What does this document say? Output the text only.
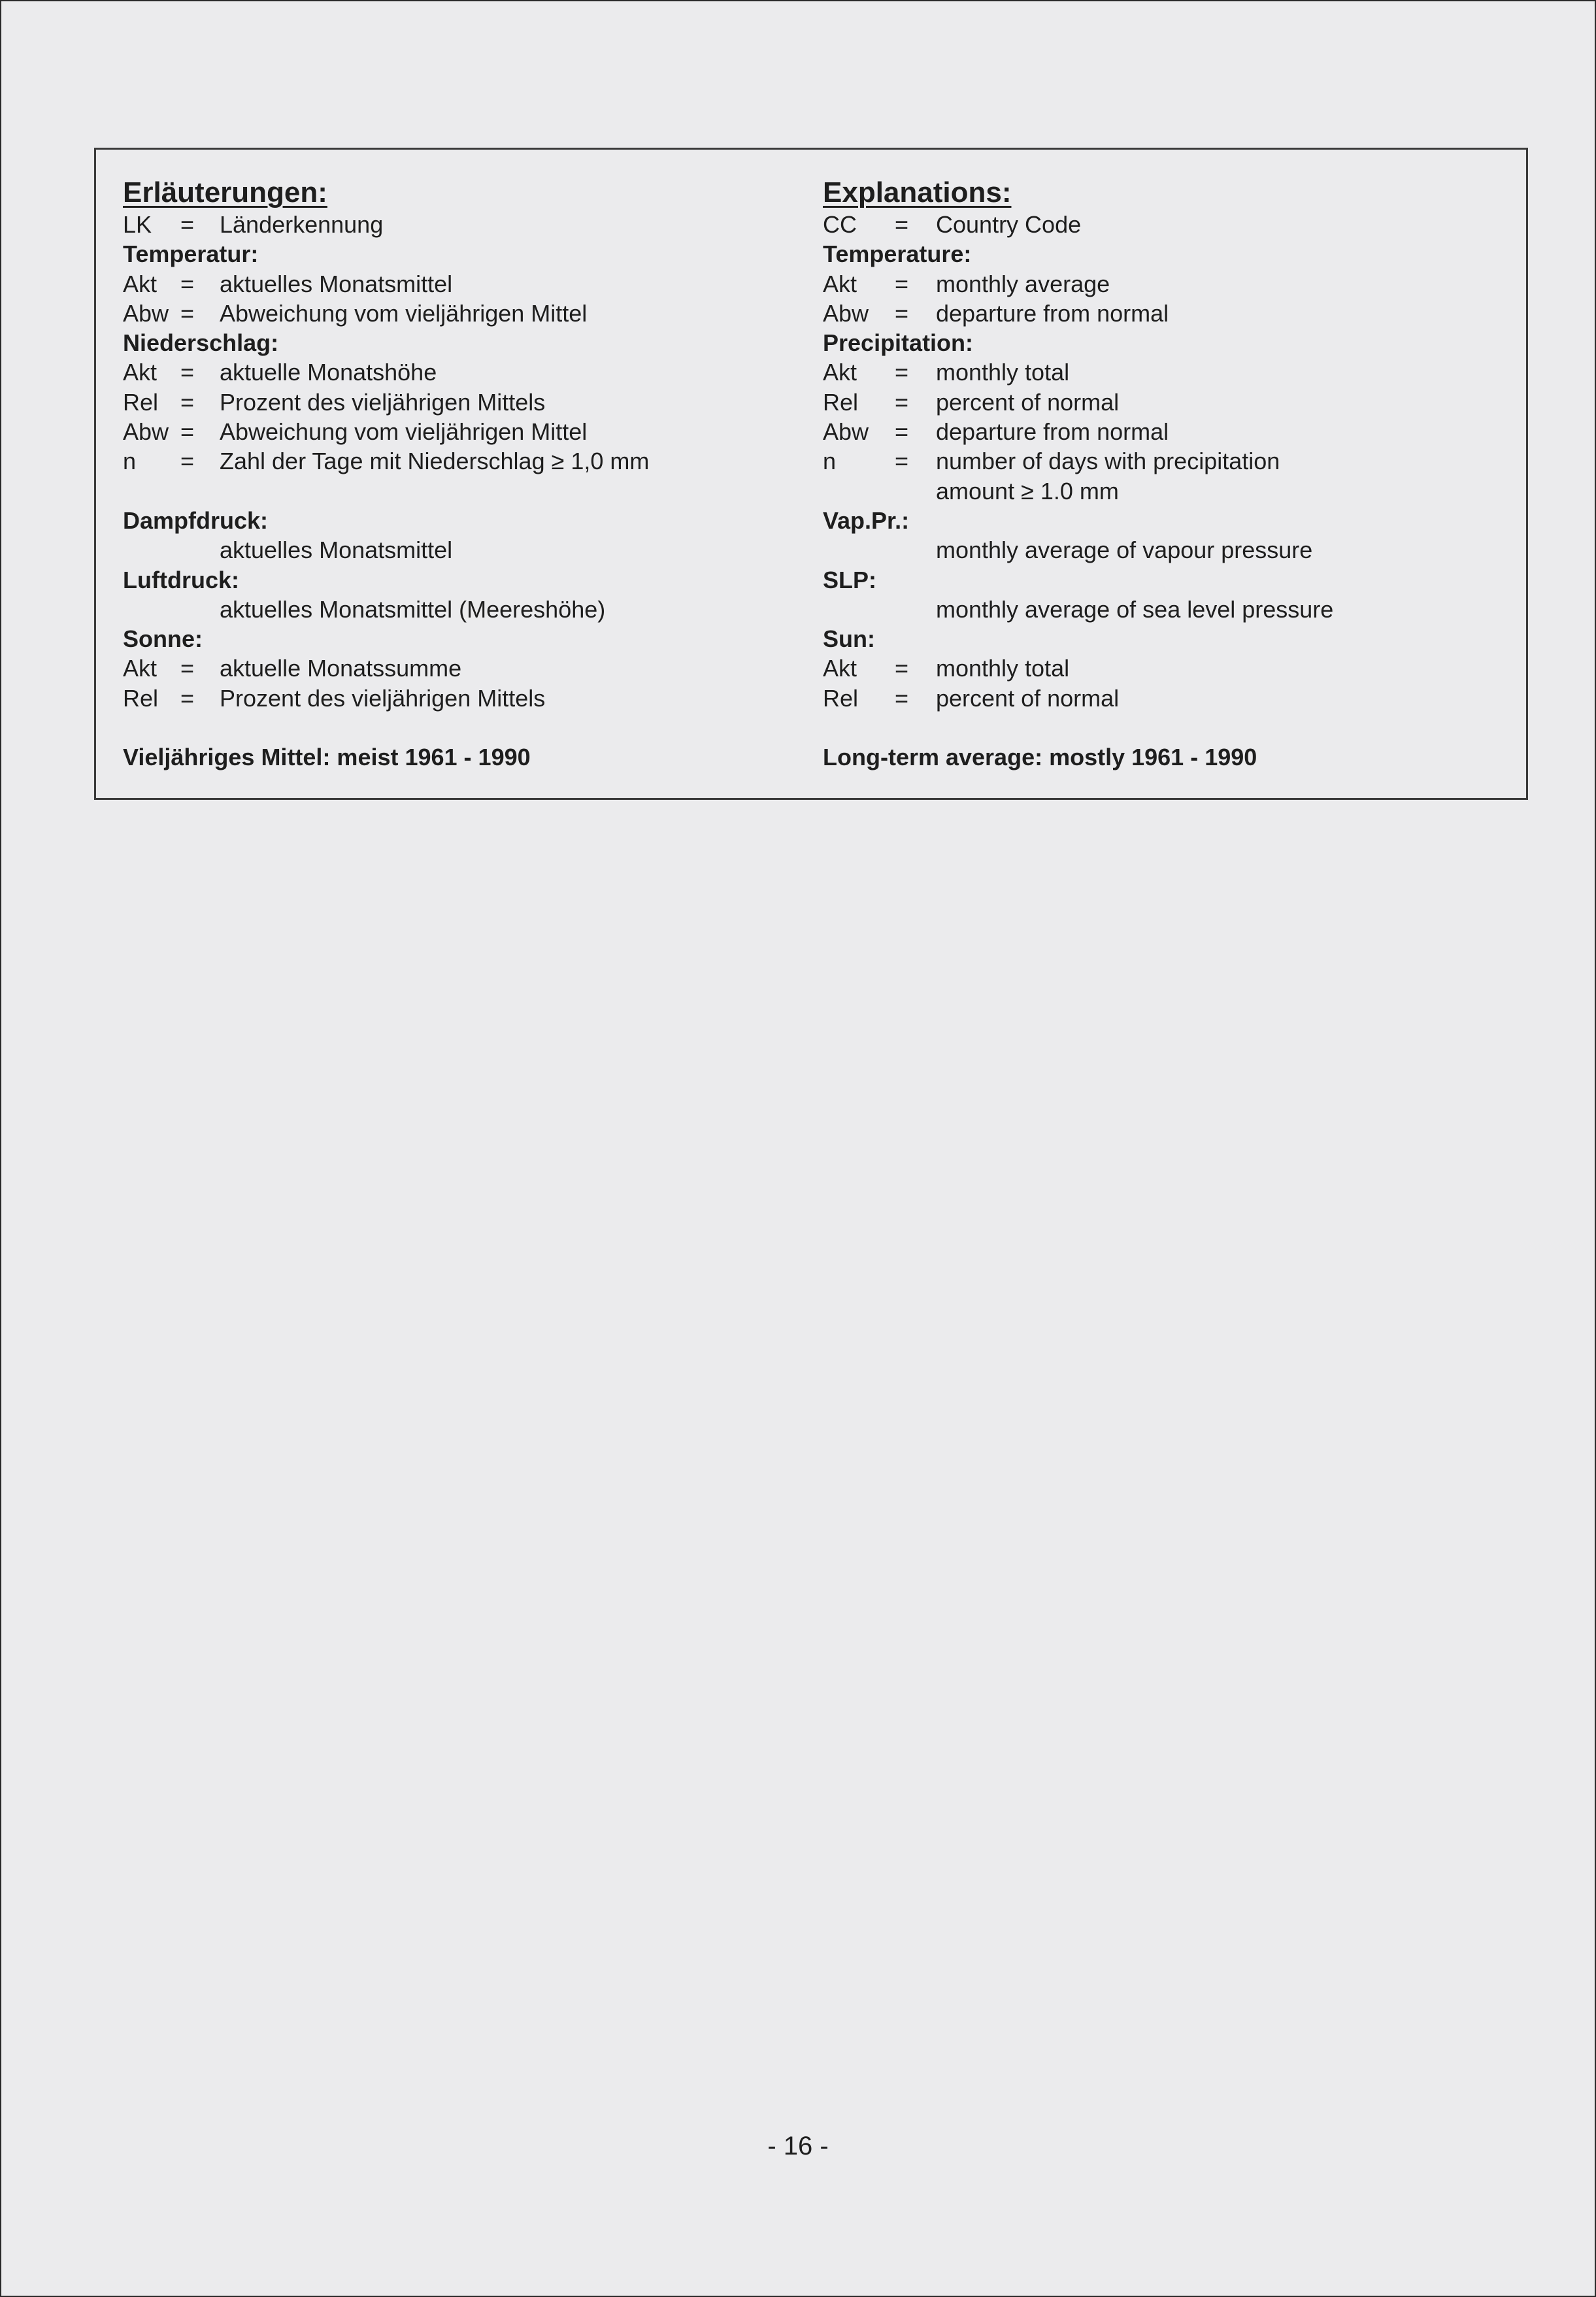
Erläuterungen:
LK	=	Länderkennung
Temperatur:
Akt =	aktuelles Monatsmittel
Abw =	Abweichung vom vieljährigen Mittel
Niederschlag:
Akt =	aktuelle Monatshöhe
Rel =	Prozent des vieljährigen Mittels
Abw =	Abweichung vom vieljährigen Mittel
n	=	Zahl der Tage mit Niederschlag ≥ 1,0 mm
Dampfdruck:
aktuelles Monatsmittel
Luftdruck:
aktuelles Monatsmittel (Meereshöhe)
Sonne:
Akt =	aktuelle Monatssumme
Rel =	Prozent des vieljährigen Mittels
Vieljähriges Mittel: meist 1961 - 1990
Explanations:
CC	=	Country Code
Temperature:
Akt	=	monthly average
Abw	=	departure from normal
Precipitation:
Akt	=	monthly total
Rel	=	percent of normal
Abw	=	departure from normal
n	=	number of days with precipitation
amount ≥ 1.0 mm
Vap.Pr.:
monthly average of vapour pressure
SLP:
monthly average of sea level pressure
Sun:
Akt	=	monthly total
Rel	=	percent of normal
Long-term average: mostly 1961 - 1990
- 16 -
